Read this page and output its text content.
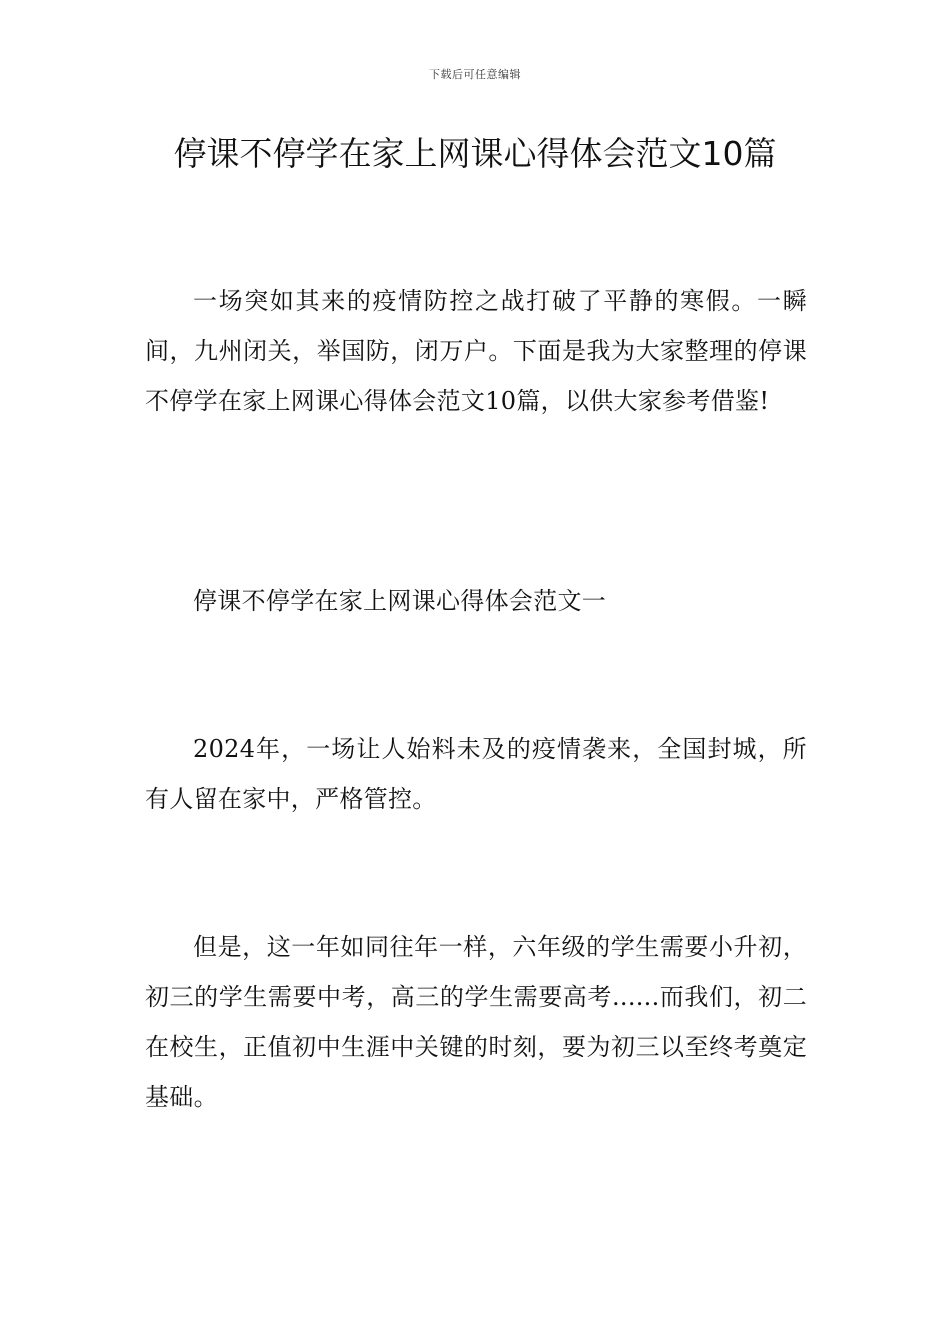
下载后可任意编辑
停课不停学在家上网课心得体会范文10篇

一场突如其来的疫情防控之战打破了平静的寒假。一瞬间，九州闭关，举国防，闭万户。下面是我为大家整理的停课不停学在家上网课心得体会范文10篇，以供大家参考借鉴!

停课不停学在家上网课心得体会范文一

2024年，一场让人始料未及的疫情袭来，全国封城，所有人留在家中，严格管控。

但是，这一年如同往年一样，六年级的学生需要小升初，初三的学生需要中考，高三的学生需要高考......而我们，初二在校生，正值初中生涯中关键的时刻，要为初三以至终考奠定基础。
